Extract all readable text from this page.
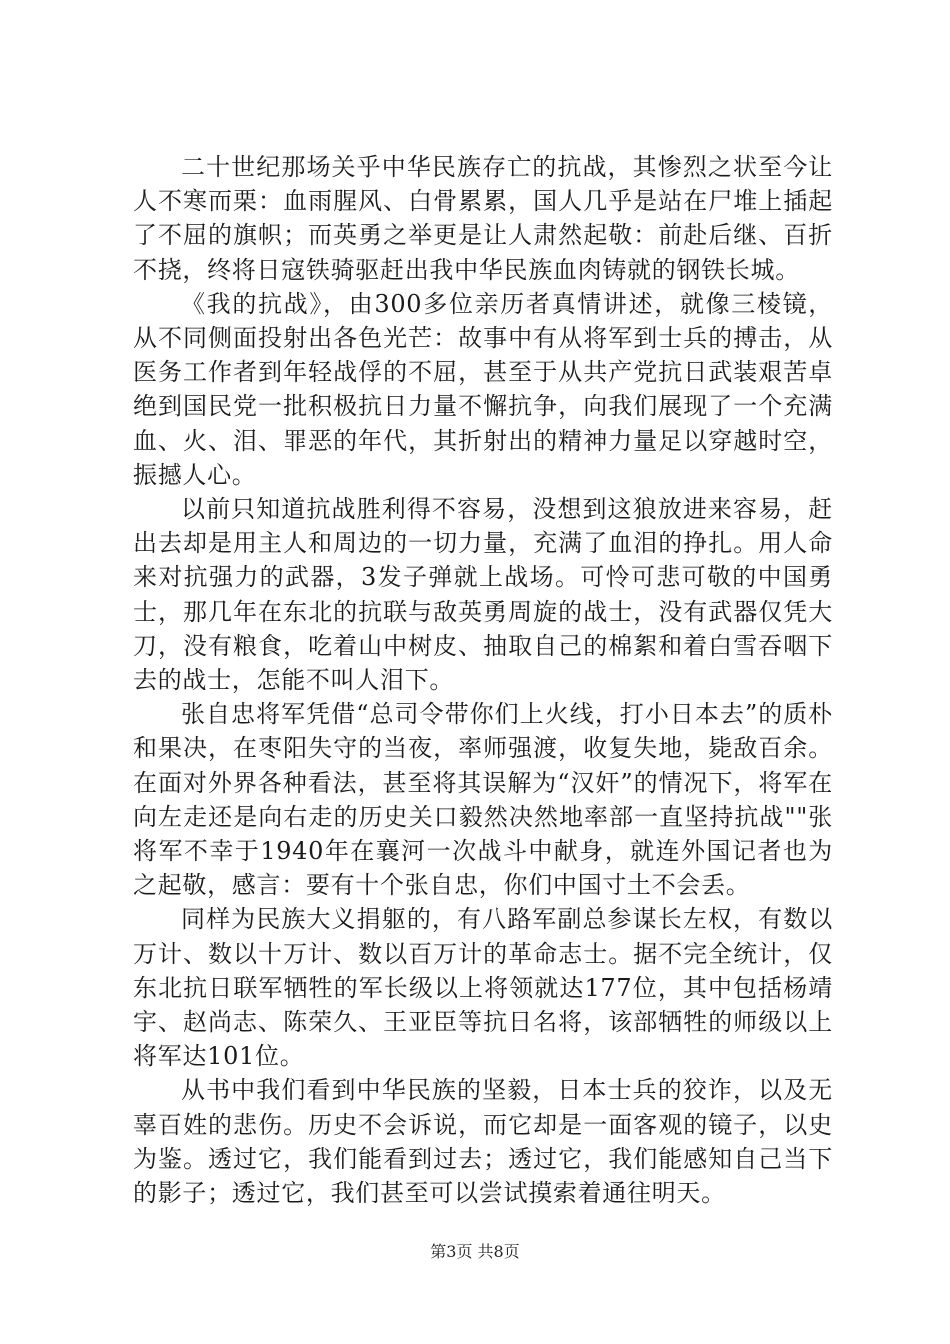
二十世纪那场关乎中华民族存亡的抗战，其惨烈之状至今让人不寒而栗：血雨腥风、白骨累累，国人几乎是站在尸堆上插起了不屈的旗帜；而英勇之举更是让人肃然起敬：前赴后继、百折不挠，终将日寇铁骑驱赶出我中华民族血肉铸就的钢铁长城。

《我的抗战》，由300多位亲历者真情讲述，就像三棱镜，从不同侧面投射出各色光芒：故事中有从将军到士兵的搏击，从医务工作者到年轻战俘的不屈，甚至于从共产党抗日武装艰苦卓绝到国民党一批积极抗日力量不懈抗争，向我们展现了一个充满血、火、泪、罪恶的年代，其折射出的精神力量足以穿越时空，振撼人心。

以前只知道抗战胜利得不容易，没想到这狼放进来容易，赶出去却是用主人和周边的一切力量，充满了血泪的挣扎。用人命来对抗强力的武器，3发子弹就上战场。可怜可悲可敬的中国勇士，那几年在东北的抗联与敌英勇周旋的战士，没有武器仅凭大刀，没有粮食，吃着山中树皮、抽取自己的棉絮和着白雪吞咽下去的战士，怎能不叫人泪下。

张自忠将军凭借“总司令带你们上火线，打小日本去”的质朴和果决，在枣阳失守的当夜，率师强渡，收复失地，毙敌百余。在面对外界各种看法，甚至将其误解为“汉奸”的情况下，将军在向左走还是向右走的历史关口毅然决然地率部一直坚持抗战""张将军不幸于1940年在襄河一次战斗中献身，就连外国记者也为之起敬，感言：要有十个张自忠，你们中国寸土不会丢。

同样为民族大义捐躯的，有八路军副总参谋长左权，有数以万计、数以十万计、数以百万计的革命志士。据不完全统计，仅东北抗日联军牺牲的军长级以上将领就达177位，其中包括杨靖宇、赵尚志、陈荣久、王亚臣等抗日名将，该部牺牲的师级以上将军达101位。

从书中我们看到中华民族的坚毅，日本士兵的狡诈，以及无辜百姓的悲伤。历史不会诉说，而它却是一面客观的镜子，以史为鉴。透过它，我们能看到过去；透过它，我们能感知自己当下的影子；透过它，我们甚至可以尝试摸索着通往明天。

第3页 共8页
